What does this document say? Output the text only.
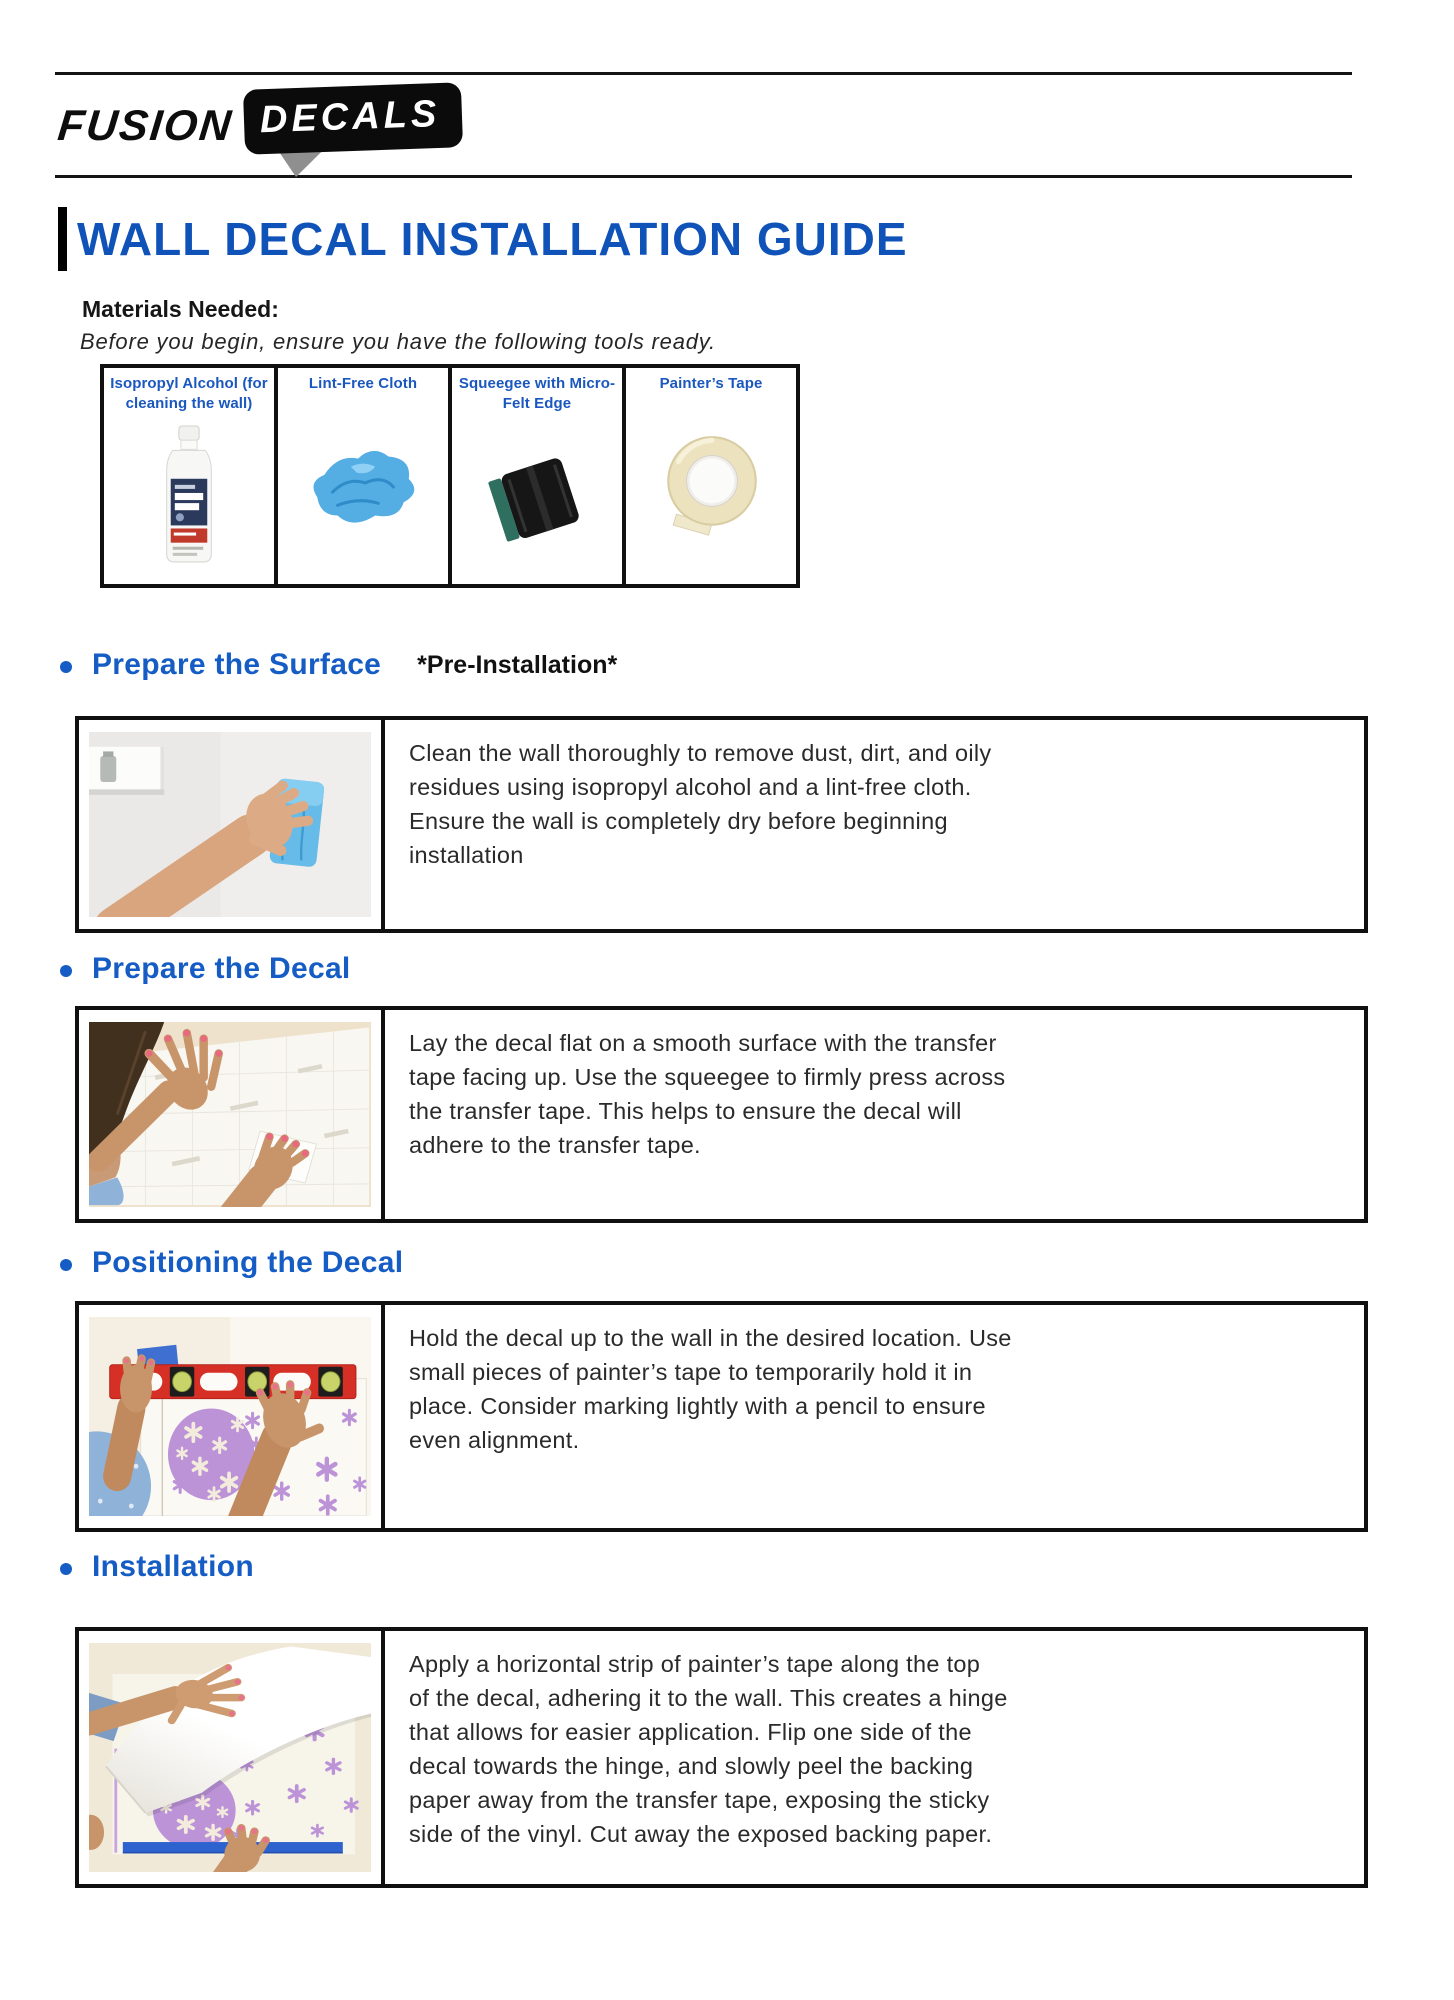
FUSION DECALS
WALL DECAL INSTALLATION GUIDE
Materials Needed:
Before you begin, ensure you have the following tools ready.
Isopropyl Alcohol (for cleaning the wall)
Lint-Free Cloth	Squeegee with Micro-Felt Edge
Painter’s Tape
Prepare the Surface *Pre-Installation*
Clean the wall thoroughly to remove dust, dirt, and oily
residues using isopropyl alcohol and a lint-free cloth.
Ensure the wall is completely dry before beginning
installation
Prepare the Decal
Lay the decal flat on a smooth surface with the transfer
tape facing up. Use the squeegee to firmly press across
the transfer tape. This helps to ensure the decal will
adhere to the transfer tape.
Positioning the Decal
Hold the decal up to the wall in the desired location. Use
small pieces of painter’s tape to temporarily hold it in
place. Consider marking lightly with a pencil to ensure
even alignment.
Installation
Apply a horizontal strip of painter’s tape along the top
of the decal, adhering it to the wall. This creates a hinge
that allows for easier application. Flip one side of the
decal towards the hinge, and slowly peel the backing
paper away from the transfer tape, exposing the sticky
side of the vinyl. Cut away the exposed backing paper.
